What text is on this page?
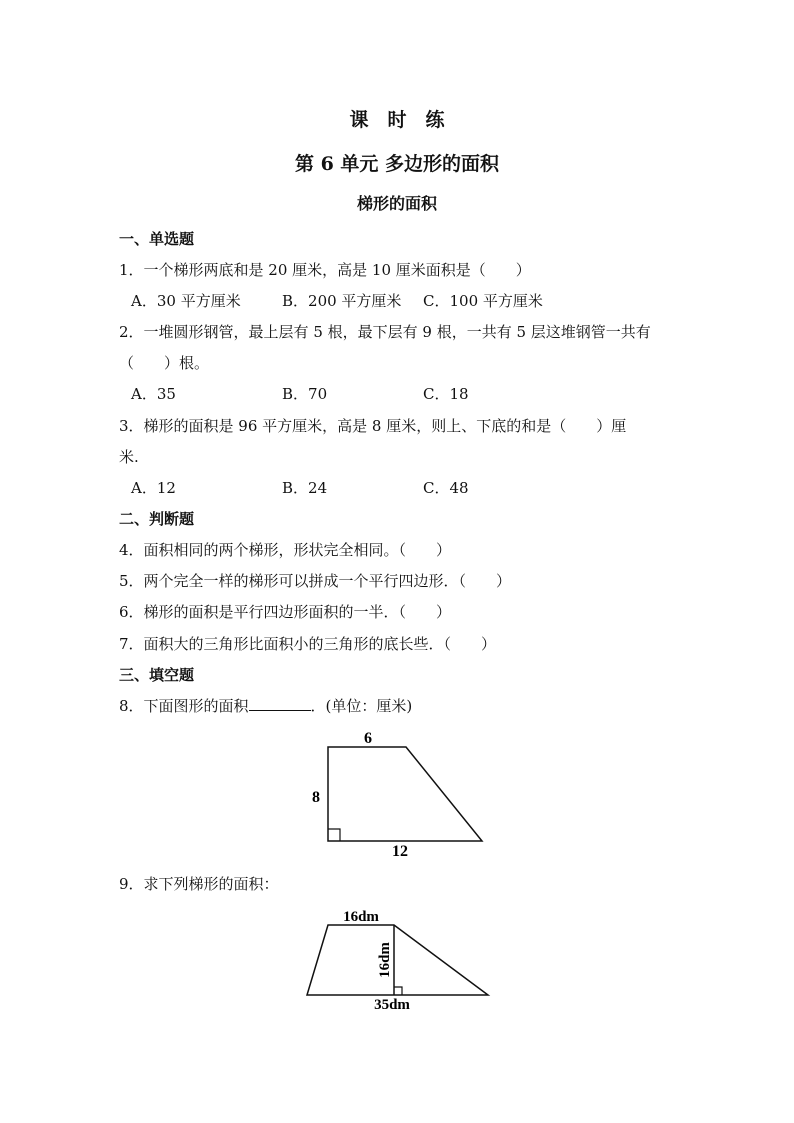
课　时　练
第 6 单元 多边形的面积
梯形的面积
一、单选题
1．一个梯形两底和是 20 厘米，高是 10 厘米面积是（　　）
A．30 平方厘米	B．200 平方厘米 C．100 平方厘米
2．一堆圆形钢管，最上层有 5 根，最下层有 9 根，一共有 5 层这堆钢管一共有
（　　）根。
A．35	B．70	C．18
3．梯形的面积是 96 平方厘米，高是 8 厘米，则上、下底的和是（　　）厘
米.
A．12	B．24	C．48
二、判断题
4．面积相同的两个梯形，形状完全相同。（　　）
5．两个完全一样的梯形可以拼成一个平行四边形．（　　）
6．梯形的面积是平行四边形面积的一半．（　　）
7．面积大的三角形比面积小的三角形的底长些．（　　）
三、填空题
8．下面图形的面积	．(单位：厘米)
6
8
12
9．求下列梯形的面积：
16dm
16dm
35dm
